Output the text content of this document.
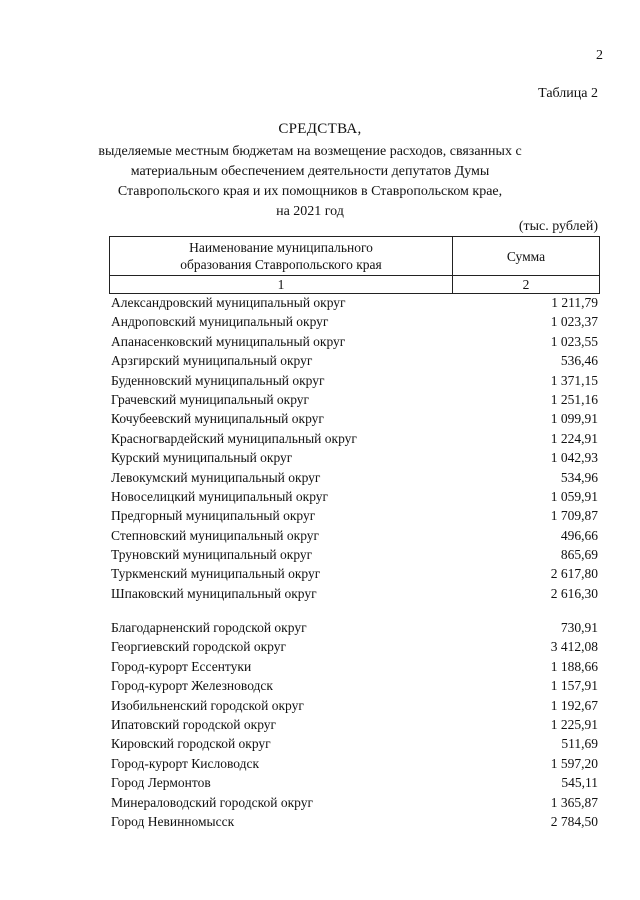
2
Таблица 2
СРЕДСТВА,
выделяемые местным бюджетам на возмещение расходов, связанных с
материальным обеспечением деятельности депутатов Думы
Ставропольского края и их помощников в Ставропольском крае,
на 2021 год
(тыс. рублей)
Наименование муниципального
образования Ставропольского края	Сумма
1	2
Александровский муниципальный округ	1 211,79
Андроповский муниципальный округ	1 023,37
Апанасенковский муниципальный округ	1 023,55
Арзгирский муниципальный округ	536,46
Буденновский муниципальный округ	1 371,15
Грачевский муниципальный округ	1 251,16
Кочубеевский муниципальный округ	1 099,91
Красногвардейский муниципальный округ	1 224,91
Курский муниципальный округ	1 042,93
Левокумский муниципальный округ	534,96
Новоселицкий муниципальный округ	1 059,91
Предгорный муниципальный округ	1 709,87
Степновский муниципальный округ	496,66
Труновский муниципальный округ	865,69
Туркменский муниципальный округ	2 617,80
Шпаковский муниципальный округ	2 616,30
Благодарненский городской округ	730,91
Георгиевский городской округ	3 412,08
Город-курорт Ессентуки	1 188,66
Город-курорт Железноводск	1 157,91
Изобильненский городской округ	1 192,67
Ипатовский городской округ	1 225,91
Кировский городской округ	511,69
Город-курорт Кисловодск	1 597,20
Город Лермонтов	545,11
Минераловодский городской округ	1 365,87
Город Невинномысск	2 784,50
